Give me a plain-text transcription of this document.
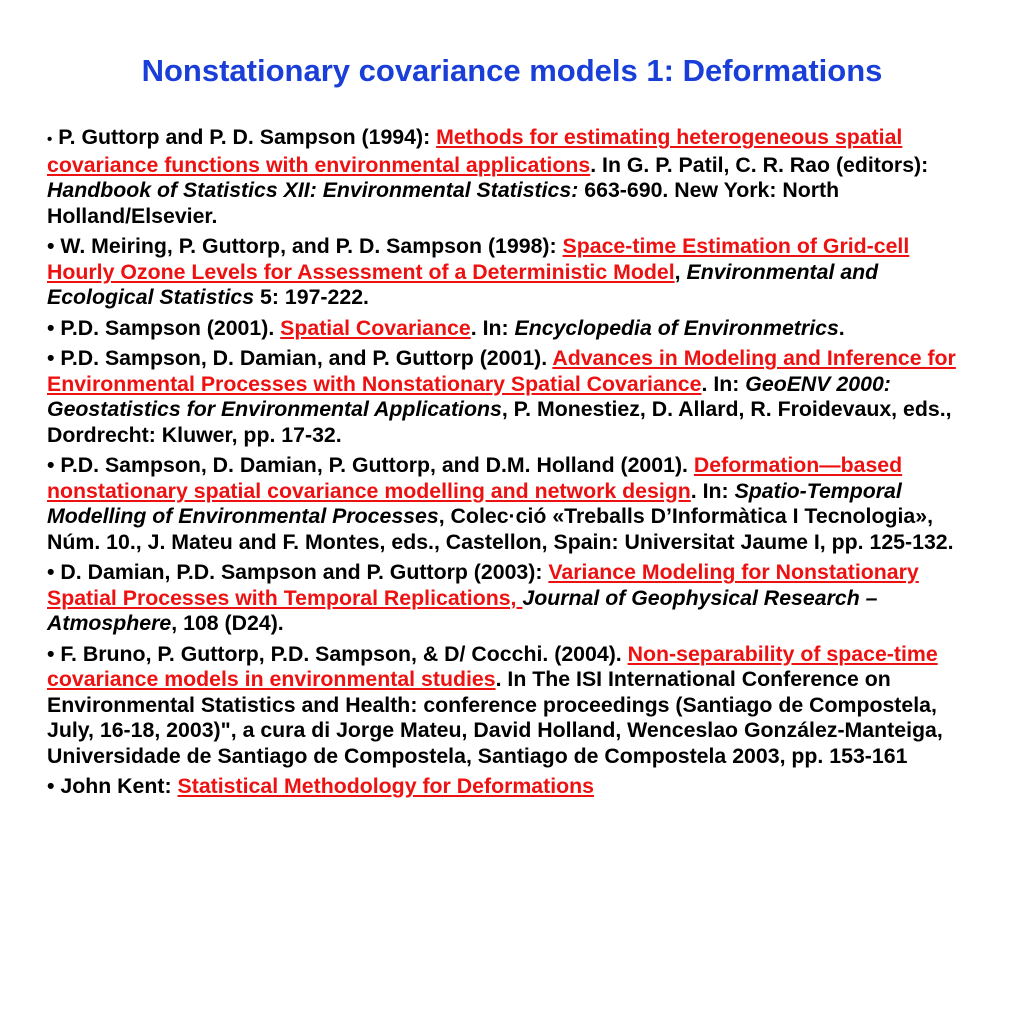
Nonstationary covariance models 1: Deformations

• P. Guttorp and P. D. Sampson (1994): Methods for estimating heterogeneous spatial covariance functions with environmental applications. In G. P. Patil, C. R. Rao (editors): Handbook of Statistics XII: Environmental Statistics: 663-690. New York: North Holland/Elsevier.

• W. Meiring, P. Guttorp, and P. D. Sampson (1998): Space-time Estimation of Grid-cell Hourly Ozone Levels for Assessment of a Deterministic Model, Environmental and Ecological Statistics 5: 197-222.

• P.D. Sampson (2001). Spatial Covariance. In: Encyclopedia of Environmetrics.

• P.D. Sampson, D. Damian, and P. Guttorp (2001). Advances in Modeling and Inference for Environmental Processes with Nonstationary Spatial Covariance. In: GeoENV 2000: Geostatistics for Environmental Applications, P. Monestiez, D. Allard, R. Froidevaux, eds., Dordrecht: Kluwer, pp. 17-32.

• P.D. Sampson, D. Damian, P. Guttorp, and D.M. Holland (2001). Deformation—based nonstationary spatial covariance modelling and network design. In: Spatio-Temporal Modelling of Environmental Processes, Colec·ció «Treballs D’Informàtica I Tecnologia», Núm. 10., J. Mateu and F. Montes, eds., Castellon, Spain: Universitat Jaume I, pp. 125-132.

• D. Damian, P.D. Sampson and P. Guttorp (2003): Variance Modeling for Nonstationary Spatial Processes with Temporal Replications, Journal of Geophysical Research – Atmosphere, 108 (D24).

• F. Bruno, P. Guttorp, P.D. Sampson, & D/ Cocchi. (2004). Non-separability of space-time covariance models in environmental studies. In The ISI International Conference on Environmental Statistics and Health: conference proceedings (Santiago de Compostela, July, 16-18, 2003)", a cura di Jorge Mateu, David Holland, Wenceslao González-Manteiga, Universidade de Santiago de Compostela, Santiago de Compostela 2003, pp. 153-161

• John Kent: Statistical Methodology for Deformations
